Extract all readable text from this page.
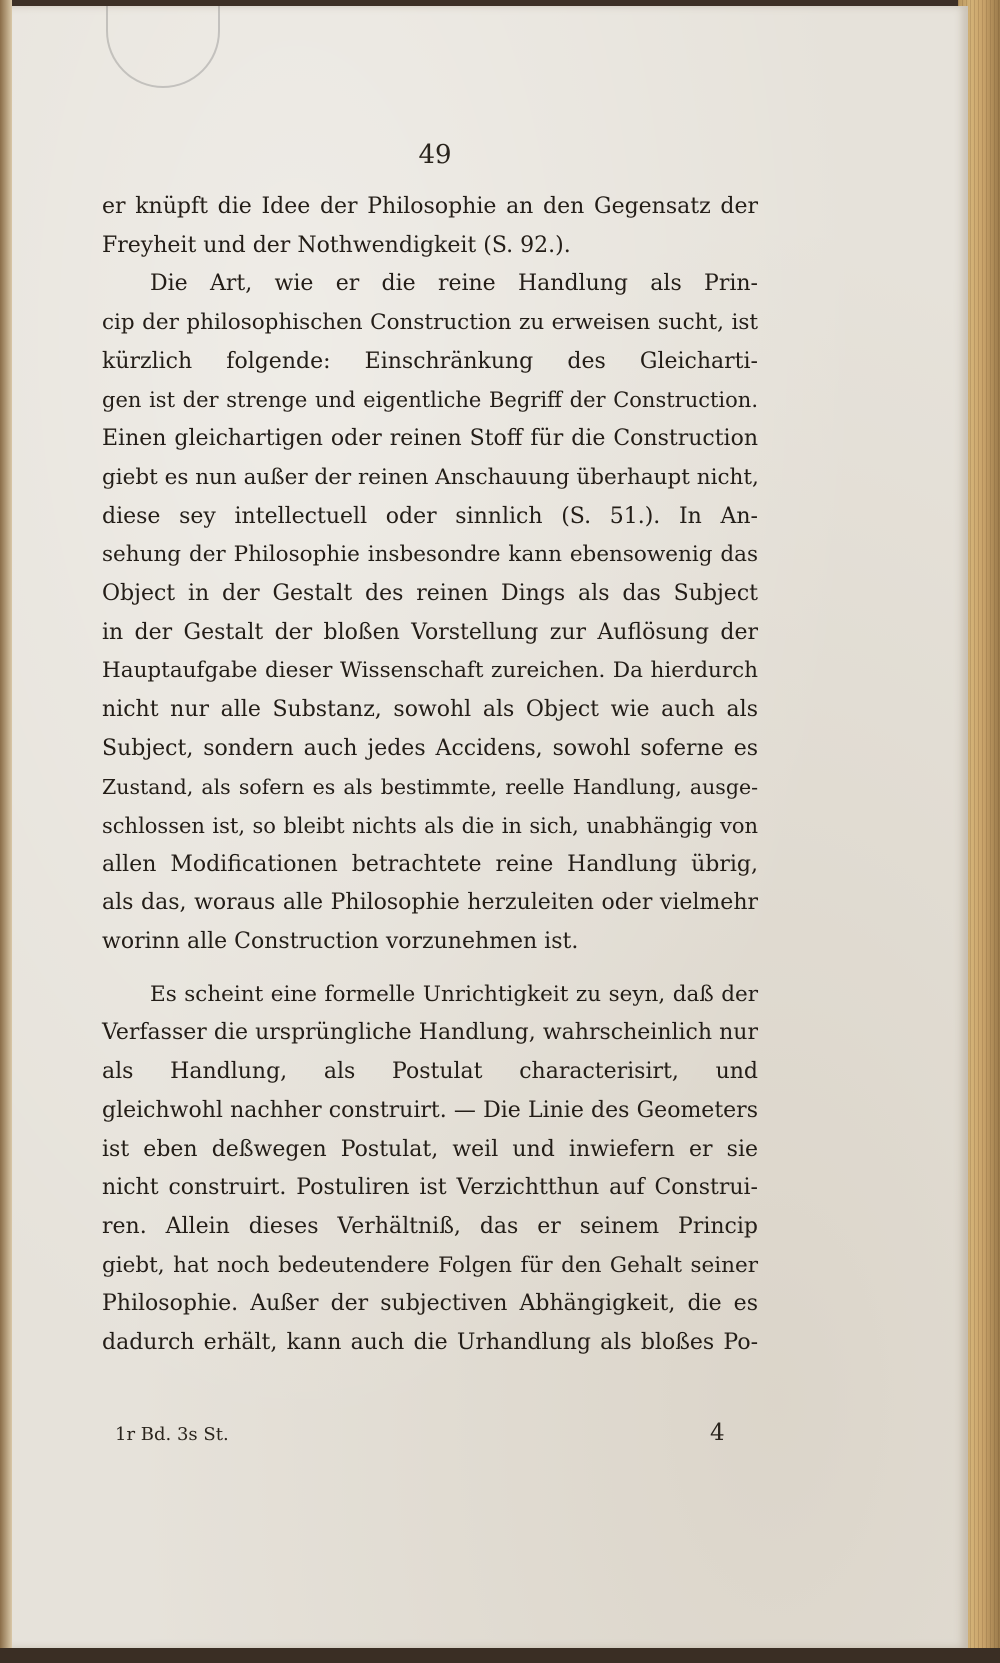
49
er knüpft die Idee der Philosophie an den Gegensatz der
Freyheit und der Nothwendigkeit (S. 92.).
Die Art, wie er die reine Handlung als Prin-
cip der philosophischen Construction zu erweisen sucht, ist
kürzlich folgende: Einschränkung des Gleicharti-
gen ist der strenge und eigentliche Begriff der Construction.
Einen gleichartigen oder reinen Stoff für die Construction
giebt es nun außer der reinen Anschauung überhaupt nicht,
diese sey intellectuell oder sinnlich (S. 51.). In An-
sehung der Philosophie insbesondre kann ebensowenig das
Object in der Gestalt des reinen Dings als das Subject
in der Gestalt der bloßen Vorstellung zur Auflösung der
Hauptaufgabe dieser Wissenschaft zureichen. Da hierdurch
nicht nur alle Substanz, sowohl als Object wie auch als
Subject, sondern auch jedes Accidens, sowohl soferne es
Zustand, als sofern es als bestimmte, reelle Handlung, ausge-
schlossen ist, so bleibt nichts als die in sich, unabhängig von
allen Modificationen betrachtete reine Handlung übrig,
als das, woraus alle Philosophie herzuleiten oder vielmehr
worinn alle Construction vorzunehmen ist.
Es scheint eine formelle Unrichtigkeit zu seyn, daß der
Verfasser die ursprüngliche Handlung, wahrscheinlich nur
als Handlung, als Postulat characterisirt, und
gleichwohl nachher construirt. — Die Linie des Geometers
ist eben deßwegen Postulat, weil und inwiefern er sie
nicht construirt. Postuliren ist Verzichtthun auf Construi-
ren. Allein dieses Verhältniß, das er seinem Princip
giebt, hat noch bedeutendere Folgen für den Gehalt seiner
Philosophie. Außer der subjectiven Abhängigkeit, die es
dadurch erhält, kann auch die Urhandlung als bloßes Po-
1r Bd. 3s St.	4
